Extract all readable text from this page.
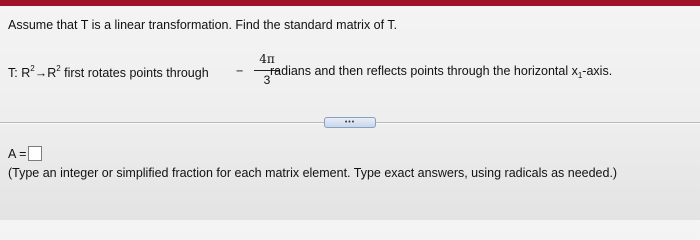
Assume that T is a linear transformation. Find the standard matrix of T.
T: $R^2\to R^2$ first rotates points through −
4π
3
radians and then reflects points through the horizontal $x_1$-axis.
•••
A =
(Type an integer or simplified fraction for each matrix element. Type exact answers, using radicals as needed.)
